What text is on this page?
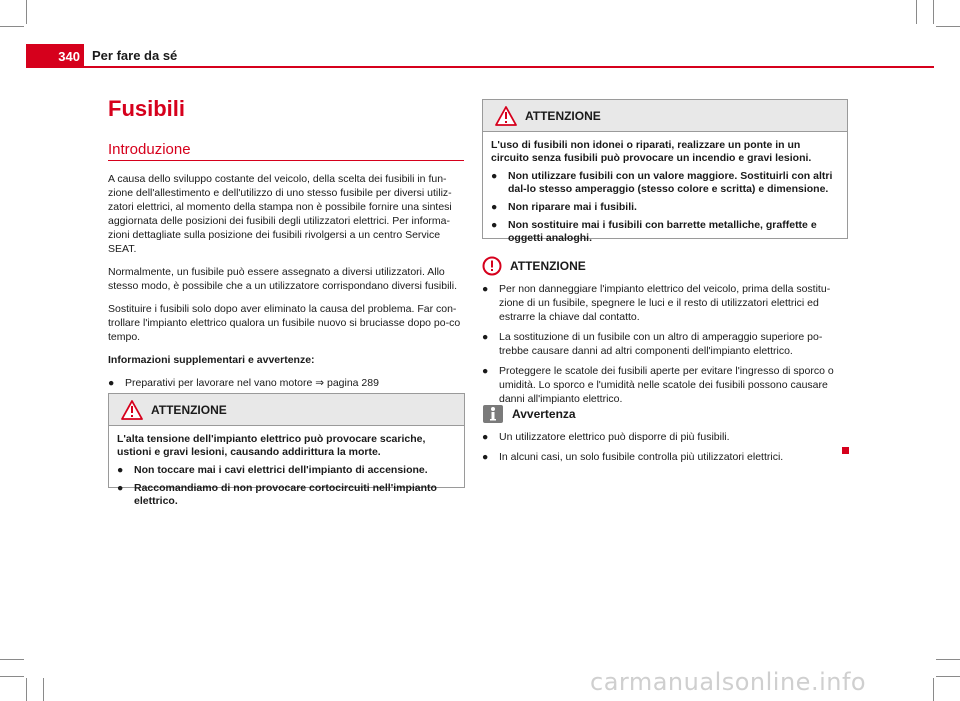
340 Per fare da sé
Fusibili
Introduzione

A causa dello sviluppo costante del veicolo, della scelta dei fusibili in fun-zione dell'allestimento e dell'utilizzo di uno stesso fusibile per diversi utiliz-zatori elettrici, al momento della stampa non è possibile fornire una sintesi aggiornata delle posizioni dei fusibili degli utilizzatori elettrici. Per informa-zioni dettagliate sulla posizione dei fusibili rivolgersi a un centro Service SEAT.

Normalmente, un fusibile può essere assegnato a diversi utilizzatori. Allo stesso modo, è possibile che a un utilizzatore corrispondano diversi fusibili.

Sostituire i fusibili solo dopo aver eliminato la causa del problema. Far con-trollare l'impianto elettrico qualora un fusibile nuovo si bruciasse dopo po-co tempo.

Informazioni supplementari e avvertenze:

● Preparativi per lavorare nel vano motore ⇒ pagina 289
ATTENZIONE

L'alta tensione dell'impianto elettrico può provocare scariche, ustioni e gravi lesioni, causando addirittura la morte.

● Non toccare mai i cavi elettrici dell'impianto di accensione.
● Raccomandiamo di non provocare cortocircuiti nell'impianto elettrico.
ATTENZIONE

L'uso di fusibili non idonei o riparati, realizzare un ponte in un circuito senza fusibili può provocare un incendio e gravi lesioni.

● Non utilizzare fusibili con un valore maggiore. Sostituirli con altri dal-lo stesso amperaggio (stesso colore e scritta) e dimensione.
● Non riparare mai i fusibili.
● Non sostituire mai i fusibili con barrette metalliche, graffette e oggetti analoghi.
ATTENZIONE
● Per non danneggiare l'impianto elettrico del veicolo, prima della sostitu-zione di un fusibile, spegnere le luci e il resto di utilizzatori elettrici ed estrarre la chiave dal contatto.
● La sostituzione di un fusibile con un altro di amperaggio superiore po-trebbe causare danni ad altri componenti dell'impianto elettrico.
● Proteggere le scatole dei fusibili aperte per evitare l'ingresso di sporco o umidità. Lo sporco e l'umidità nelle scatole dei fusibili possono causare danni all'impianto elettrico.
Avvertenza
● Un utilizzatore elettrico può disporre di più fusibili.
● In alcuni casi, un solo fusibile controlla più utilizzatori elettrici.
carmanualsonline.info
